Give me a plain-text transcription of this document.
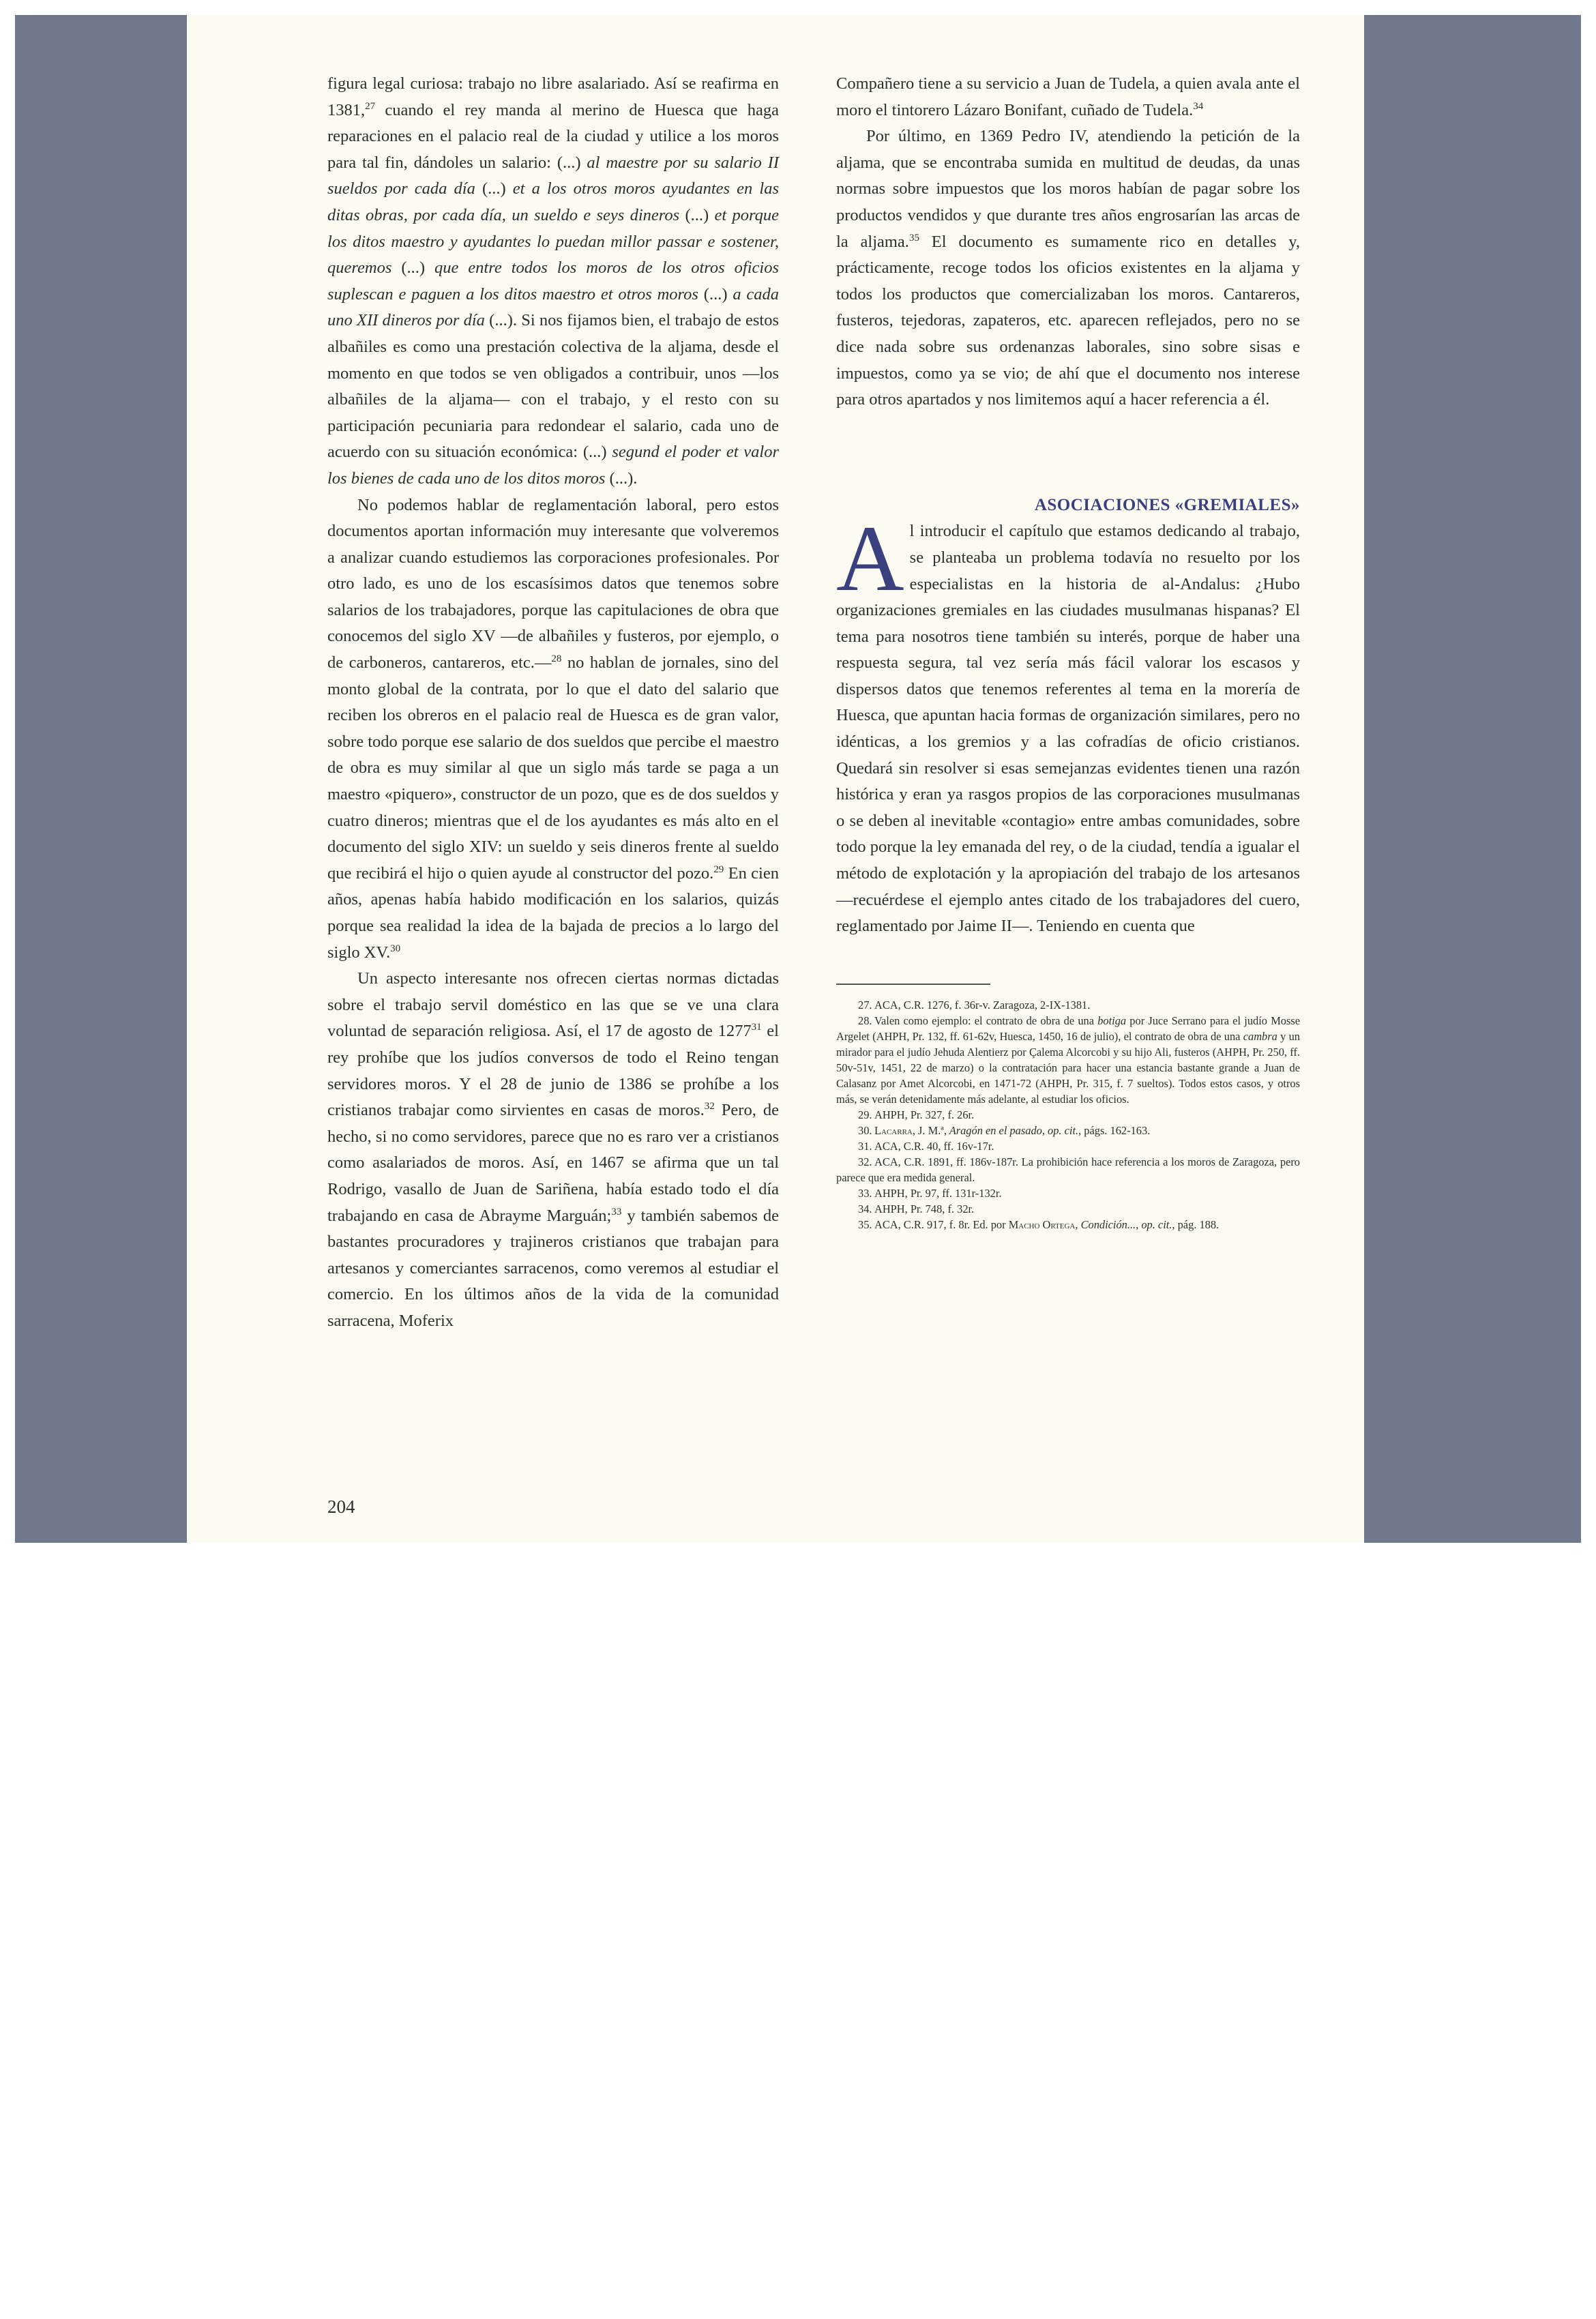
figura legal curiosa: trabajo no libre asalariado. Así se reafirma en 1381,27 cuando el rey manda al merino de Huesca que haga reparaciones en el palacio real de la ciudad y utilice a los moros para tal fin, dándoles un salario: (...) al maestre por su salario II sueldos por cada día (...) et a los otros moros ayudantes en las ditas obras, por cada día, un sueldo e seys dineros (...) et porque los ditos maestro y ayudantes lo puedan millor passar e sostener, queremos (...) que entre todos los moros de los otros oficios suplescan e paguen a los ditos maestro et otros moros (...) a cada uno XII dineros por día (...). Si nos fijamos bien, el trabajo de estos albañiles es como una prestación colectiva de la aljama, desde el momento en que todos se ven obligados a contribuir, unos —los albañiles de la aljama— con el trabajo, y el resto con su participación pecuniaria para redondear el salario, cada uno de acuerdo con su situación económica: (...) segund el poder et valor los bienes de cada uno de los ditos moros (...).

No podemos hablar de reglamentación laboral, pero estos documentos aportan información muy interesante que volveremos a analizar cuando estudiemos las corporaciones profesionales. Por otro lado, es uno de los escasísimos datos que tenemos sobre salarios de los trabajadores, porque las capitulaciones de obra que conocemos del siglo XV —de albañiles y fusteros, por ejemplo, o de carboneros, cantareros, etc.—$^{28}$ no hablan de jornales, sino del monto global de la contrata, por lo que el dato del salario que reciben los obreros en el palacio real de Huesca es de gran valor, sobre todo porque ese salario de dos sueldos que percibe el maestro de obra es muy similar al que un siglo más tarde se paga a un maestro «piquero», constructor de un pozo, que es de dos sueldos y cuatro dineros; mientras que el de los ayudantes es más alto en el documento del siglo XIV: un sueldo y seis dineros frente al sueldo que recibirá el hijo o quien ayude al constructor del pozo.$^{29}$ En cien años, apenas había habido modificación en los salarios, quizás porque sea realidad la idea de la bajada de precios a lo largo del siglo XV.$^{30}$

Un aspecto interesante nos ofrecen ciertas normas dictadas sobre el trabajo servil doméstico en las que se ve una clara voluntad de separación religiosa. Así, el 17 de agosto de 1277$^{31}$ el rey prohíbe que los judíos conversos de todo el Reino tengan servidores moros. Y el 28 de junio de 1386 se prohíbe a los cristianos trabajar como sirvientes en casas de moros.$^{32}$ Pero, de hecho, si no como servidores, parece que no es raro ver a cristianos como asalariados de moros. Así, en 1467 se afirma que un tal Rodrigo, vasallo de Juan de Sariñena, había estado todo el día trabajando en casa de Abrayme Marguán;$^{33}$ y también sabemos de bastantes procuradores y trajineros cristianos que trabajan para artesanos y comerciantes sarracenos, como veremos al estudiar el comercio. En los últimos años de la vida de la comunidad sarracena, Moferix

Compañero tiene a su servicio a Juan de Tudela, a quien avala ante el moro el tintorero Lázaro Bonifant, cuñado de Tudela.$^{34}$

Por último, en 1369 Pedro IV, atendiendo la petición de la aljama, que se encontraba sumida en multitud de deudas, da unas normas sobre impuestos que los moros habían de pagar sobre los productos vendidos y que durante tres años engrosarían las arcas de la aljama.$^{35}$ El documento es sumamente rico en detalles y, prácticamente, recoge todos los oficios existentes en la aljama y todos los productos que comercializaban los moros. Cantareros, fusteros, tejedoras, zapateros, etc. aparecen reflejados, pero no se dice nada sobre sus ordenanzas laborales, sino sobre sisas e impuestos, como ya se vio; de ahí que el documento nos interese para otros apartados y nos limitemos aquí a hacer referencia a él.

ASOCIACIONES «GREMIALES»

Al introducir el capítulo que estamos dedicando al trabajo, se planteaba un problema todavía no resuelto por los especialistas en la historia de al-Andalus: ¿Hubo organizaciones gremiales en las ciudades musulmanas hispanas? El tema para nosotros tiene también su interés, porque de haber una respuesta segura, tal vez sería más fácil valorar los escasos y dispersos datos que tenemos referentes al tema en la morería de Huesca, que apuntan hacia formas de organización similares, pero no idénticas, a los gremios y a las cofradías de oficio cristianos. Quedará sin resolver si esas semejanzas evidentes tienen una razón histórica y eran ya rasgos propios de las corporaciones musulmanas o se deben al inevitable «contagio» entre ambas comunidades, sobre todo porque la ley emanada del rey, o de la ciudad, tendía a igualar el método de explotación y la apropiación del trabajo de los artesanos —recuérdese el ejemplo antes citado de los trabajadores del cuero, reglamentado por Jaime II—. Teniendo en cuenta que

27. ACA, C.R. 1276, f. 36r-v. Zaragoza, 2-IX-1381.

28. Valen como ejemplo: el contrato de obra de una botiga por Juce Serrano para el judío Mosse Argelet (AHPH, Pr. 132, ff. 61-62v, Huesca, 1450, 16 de julio), el contrato de obra de una cambra y un mirador para el judío Jehuda Alentierz por Çalema Alcorcobi y su hijo Ali, fusteros (AHPH, Pr. 250, ff. 50v-51v, 1451, 22 de marzo) o la contratación para hacer una estancia bastante grande a Juan de Calasanz por Amet Alcorcobi, en 1471-72 (AHPH, Pr. 315, f. 7 sueltos). Todos estos casos, y otros más, se verán detenidamente más adelante, al estudiar los oficios.

29. AHPH, Pr. 327, f. 26r.

30. Lacarra, J. M.ª, Aragón en el pasado, op. cit., págs. 162-163.

31. ACA, C.R. 40, ff. 16v-17r.

32. ACA, C.R. 1891, ff. 186v-187r. La prohibición hace referencia a los moros de Zaragoza, pero parece que era medida general.

33. AHPH, Pr. 97, ff. 131r-132r.

34. AHPH, Pr. 748, f. 32r.

35. ACA, C.R. 917, f. 8r. Ed. por Macho Ortega, Condición..., op. cit., pág. 188.

204
